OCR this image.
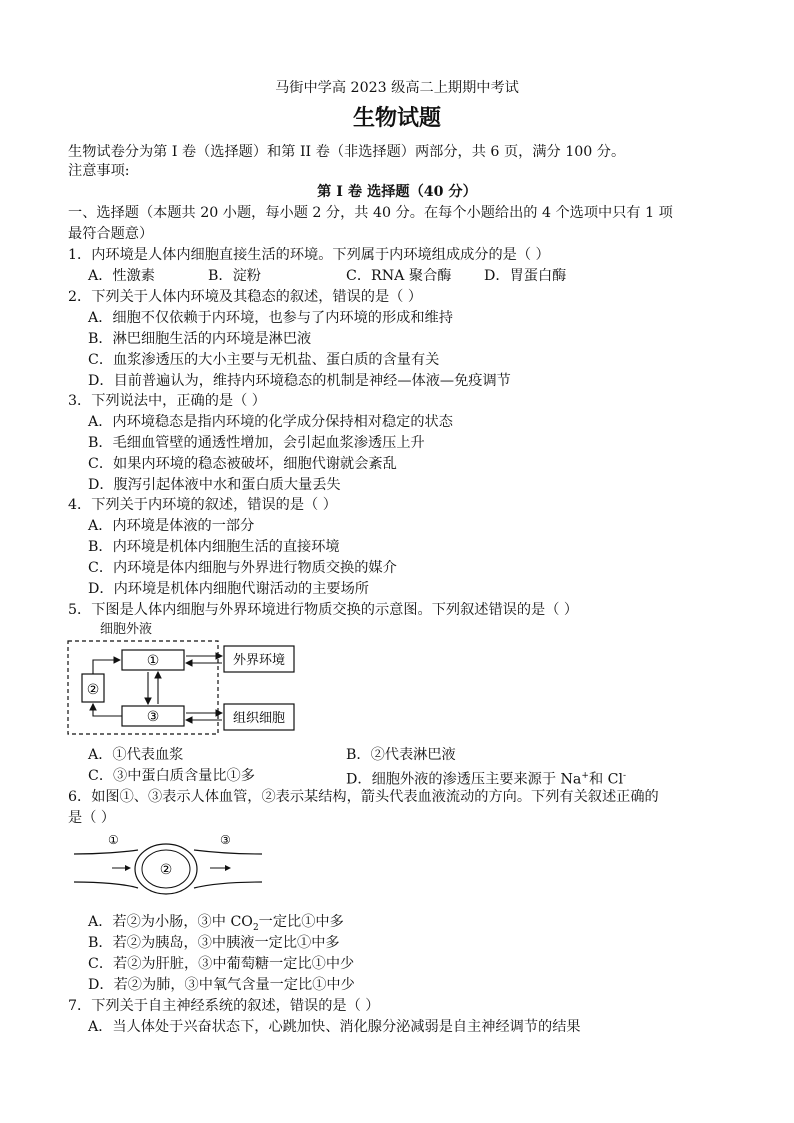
马街中学高 2023 级高二上期期中考试
生物试题
生物试卷分为第 I 卷（选择题）和第 II 卷（非选择题）两部分，共 6 页，满分 100 分。
注意事项:
第 I 卷 选择题（40 分）
一、选择题（本题共 20 小题，每小题 2 分，共 40 分。在每个小题给出的 4 个选项中只有 1 项
最符合题意）
1．内环境是人体内细胞直接生活的环境。下列属于内环境组成成分的是（ ）
A．性激素	B．淀粉	C．RNA 聚合酶 D．胃蛋白酶
2．下列关于人体内环境及其稳态的叙述，错误的是（ ）
A．细胞不仅依赖于内环境，也参与了内环境的形成和维持
B．淋巴细胞生活的内环境是淋巴液
C．血浆渗透压的大小主要与无机盐、蛋白质的含量有关
D．目前普遍认为，维持内环境稳态的机制是神经—体液—免疫调节
3．下列说法中，正确的是（ ）
A．内环境稳态是指内环境的化学成分保持相对稳定的状态
B．毛细血管壁的通透性增加，会引起血浆渗透压上升
C．如果内环境的稳态被破坏，细胞代谢就会紊乱
D．腹泻引起体液中水和蛋白质大量丢失
4．下列关于内环境的叙述，错误的是（ ）
A．内环境是体液的一部分
B．内环境是机体内细胞生活的直接环境
C．内环境是体内细胞与外界进行物质交换的媒介
D．内环境是机体内细胞代谢活动的主要场所
5．下图是人体内细胞与外界环境进行物质交换的示意图。下列叙述错误的是（ ）
细胞外液
①
②
③
外界环境
组织细胞
A．①代表血浆	B．②代表淋巴液
C．③中蛋白质含量比①多	D．细胞外液的渗透压主要来源于 Na+和 Cl-
6．如图①、③表示人体血管，②表示某结构，箭头代表血液流动的方向。下列有关叙述正确的
是（ ）
①	③
②
A．若②为小肠，③中 $CO_2$一定比①中多
B．若②为胰岛，③中胰液一定比①中多
C．若②为肝脏，③中葡萄糖一定比①中少
D．若②为肺，③中氧气含量一定比①中少
7．下列关于自主神经系统的叙述，错误的是（ ）
A．当人体处于兴奋状态下，心跳加快、消化腺分泌减弱是自主神经调节的结果
